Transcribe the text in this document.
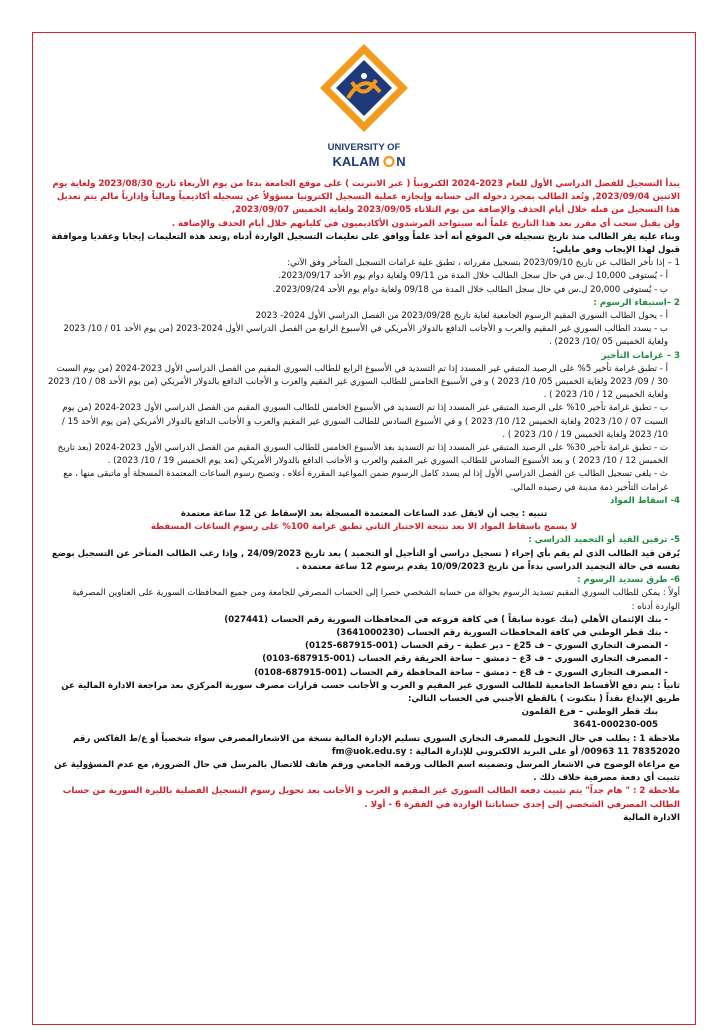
UNIVERSITY OF
KALAM N

يبدأ التسجيل للفصل الدراسي الأول للعام 2023-2024 الكترونياً ( عبر الانترنت ) على موقع الجامعة بدءا من يوم الأربعاء تاريخ 2023/08/30 ولغاية يوم الاثنين 2023/09/04, وتُعد الطالب بمجرد دخوله الى حسابه وإنجازه عملية التسجيل الكترونيا مسؤولاً عن تسجيله أكاديمياً ومالياً وإدارياً مالم يتم تعديل هذا التسجيل من قبله خلال أيام الحذف والإضافة من يوم الثلاثاء 2023/09/05 ولغاية الخميس 2023/09/07,

ولن يقبل سحب أي مقرر بعد هذا التاريخ علماً أنه سيتواجد المرشدون الأكاديميون في كلياتهم خلال أيام الحذف والإضافة .

وبناء عليه يقر الطالب منذ تاريخ تسجيله في الموقع أنه أخذ علماً ووافق على تعليمات التسجيل الواردة أدناه ,وتعد هذه التعليمات إيجابا وعقديا وموافقة قبول لهذا الإيجاب وفق مايلي:

1 – إذا تأخر الطالب عن تاريخ 2023/09/10 بتسجيل مقرراته ، تطبق عليه غرامات التسجيل المتأخر وفق الآتي:

أ - يُستوفى 10,000 ل.س في حال سجل الطالب خلال المدة من 09/11 ولغاية دوام يوم الأحد 2023/09/17.

ب - يُستوفى 20,000 ل.س في حال سجل الطالب خلال المدة من 09/18 ولغاية دوام يوم الأحد 2023/09/24.

2 –استيفاء الرسوم :

أ - يحول الطالب السوري المقيم الرسوم الجامعية لغاية تاريخ 2023/09/28 من الفصل الدراسي الأول 2024- 2023

ب - يسدد الطالب السوري غير المقيم والعرب و الأجانب الدافع بالدولار الأمريكي في الأسبوع الرابع من الفصل الدراسي الأول 2024-2023 (من يوم الأحد 01 / 10/ 2023 ولغاية الخميس 05 /10/ 2023) .

3 – غرامات التأخير

أ - تطبق غرامة تأخير 5% على الرصيد المتبقي غير المسدد إذا تم التسديد في الأسبوع الرابع للطالب السوري المقيم من الفصل الدراسي الأول 2023-2024 (من يوم السبت 30 / 09/ 2023 ولغاية الخميس 05/ 10/ 2023 ) و في الأسبوع الخامس للطالب السوري غير المقيم والعرب و الأجانب الدافع بالدولار الأمريكي (من يوم الأحد 08 / 10/ 2023 ولغاية الخميس 12 / 10/ 2023 ) .

ب - تطبق غرامة تأخير 10% على الرصيد المتبقي غير المسدد إذا تم التسديد في الأسبوع الخامس للطالب السوري المقيم من الفصل الدراسي الأول 2023-2024 (من يوم السبت 07 / 10/ 2023 ولغاية الخميس 12/ 10/ 2023 ) و في الأسبوع السادس للطالب السوري غير المقيم والعرب و الأجانب الدافع بالدولار الأمريكي (من يوم الأحد 15 / 10/ 2023 ولغاية الخميس 19 / 10/ 2023 ) .

ت - تطبق غرامة تأخير 30% على الرصيد المتبقي غير المسدد إذا تم التسديد بعد الأسبوع الخامس للطالب السوري المقيم من الفصل الدراسي الأول 2023-2024 (بعد تاريخ الخميس 12 / 10/ 2023 ) و بعد الأسبوع السادس للطالب السوري غير المقيم والعرب و الأجانب الدافع بالدولار الأمريكي (بعد يوم الخميس 19 / 10/ 2023) .

ث - يلغى تسجيل الطالب عن الفصل الدراسي الأول إذا لم يسدد كامل الرسوم ضمن المواعيد المقررة أعلاه ، وتصبح رسوم الساعات المعتمدة المسجلة أو ماتبقى منها ، مع غرامات التأخير ذمة مدينة في رصيده المالي.

4- اسقاط المواد

تنبيه : يجب أن لايقل عدد الساعات المعتمدة المسجلة بعد الإسقاط عن 12 ساعة معتمدة

لا يسمح باسقاط المواد الا بعد نتيجة الاختبار الثاني تطبق غرامة 100% على رسوم الساعات المسقطة

5- ترقين القيد أو التجميد الدراسي :

يُرقن قيد الطالب الذي لم يقم بأي إجراء ( تسجيل دراسي أو التأجيل أو التجميد ) بعد تاريخ 24/09/2023 , وإذا رغب الطالب المتأخر عن التسجيل بوضع نفسه في حالة التجميد الدراسي بدءاً من تاريخ 10/09/2023 يقدم برسوم 12 ساعة معتمدة .

6- طرق تسديد الرسوم :

أولاً : يمكن للطالب السوري المقيم تسديد الرسوم بحوالة من حسابه الشخصي حصرا إلى الحساب المصرفي للجامعة ومن جميع المحافظات السورية على العناوين المصرفية الواردة أدناه :

- بنك الإئتمان الأهلي (بنك عودة سابقاً ) في كافة فروعه في المحافظات السورية رقم الحساب (027441)

- بنك قطر الوطني في كافة المحافظات السورية رقم الحساب (3641000230)

- المصرف التجاري السوري – ف 25ع – دير عطية – رقم الحساب (001-687915-0125)

- المصرف التجاري السوري – ف 3ع – دمشق – ساحة الحريقة رقم الحساب (001-687915-0103)

- المصرف التجاري السوري – ف 8ع – دمشق – ساحة المحافظة رقم الحساب (001-687915-0108)

ثانياً : يتم دفع الأقساط الجامعية للطالب السوري غير المقيم و العرب و الأجانب حسب قرارات مصرف سورية المركزي بعد مراجعة الادارة المالية عن طريق الإيداع نقداً ( بتكنوت ) بالقطع الأجنبي في الحساب التالي:

بنك قطر الوطني – فرع القلمون

3641-000230-005

ملاحظة 1 : يطلب في حال التحويل للمصرف التجاري السوري تسليم الإدارة المالية نسخة من الاشعارالمصرفي سواء شخصياً أو ع/ط الفاكس رقم 78352020 11 00963/ أو على البريد الالكتروني للإدارة المالية : fm@uok.edu.sy

مع مراعاة الوضوح في الاشعار المرسل وتضمينه اسم الطالب ورقمه الجامعي ورقم هاتف للاتصال بالمرسل في حال الضرورة, مع عدم المسؤولية عن تثبيت أي دفعة مصرفية خلاف ذلك .

ملاحظة 2 : " هام جداً" يتم تثبيت دفعة الطالب السوري غير المقيم و العرب و الأجانب بعد تحويل رسوم التسجيل الفصلية بالليرة السورية من حساب الطالب المصرفي الشخصي إلى إحدى حساباتنا الواردة في الفقرة 6 - أولا .

الادارة المالية
